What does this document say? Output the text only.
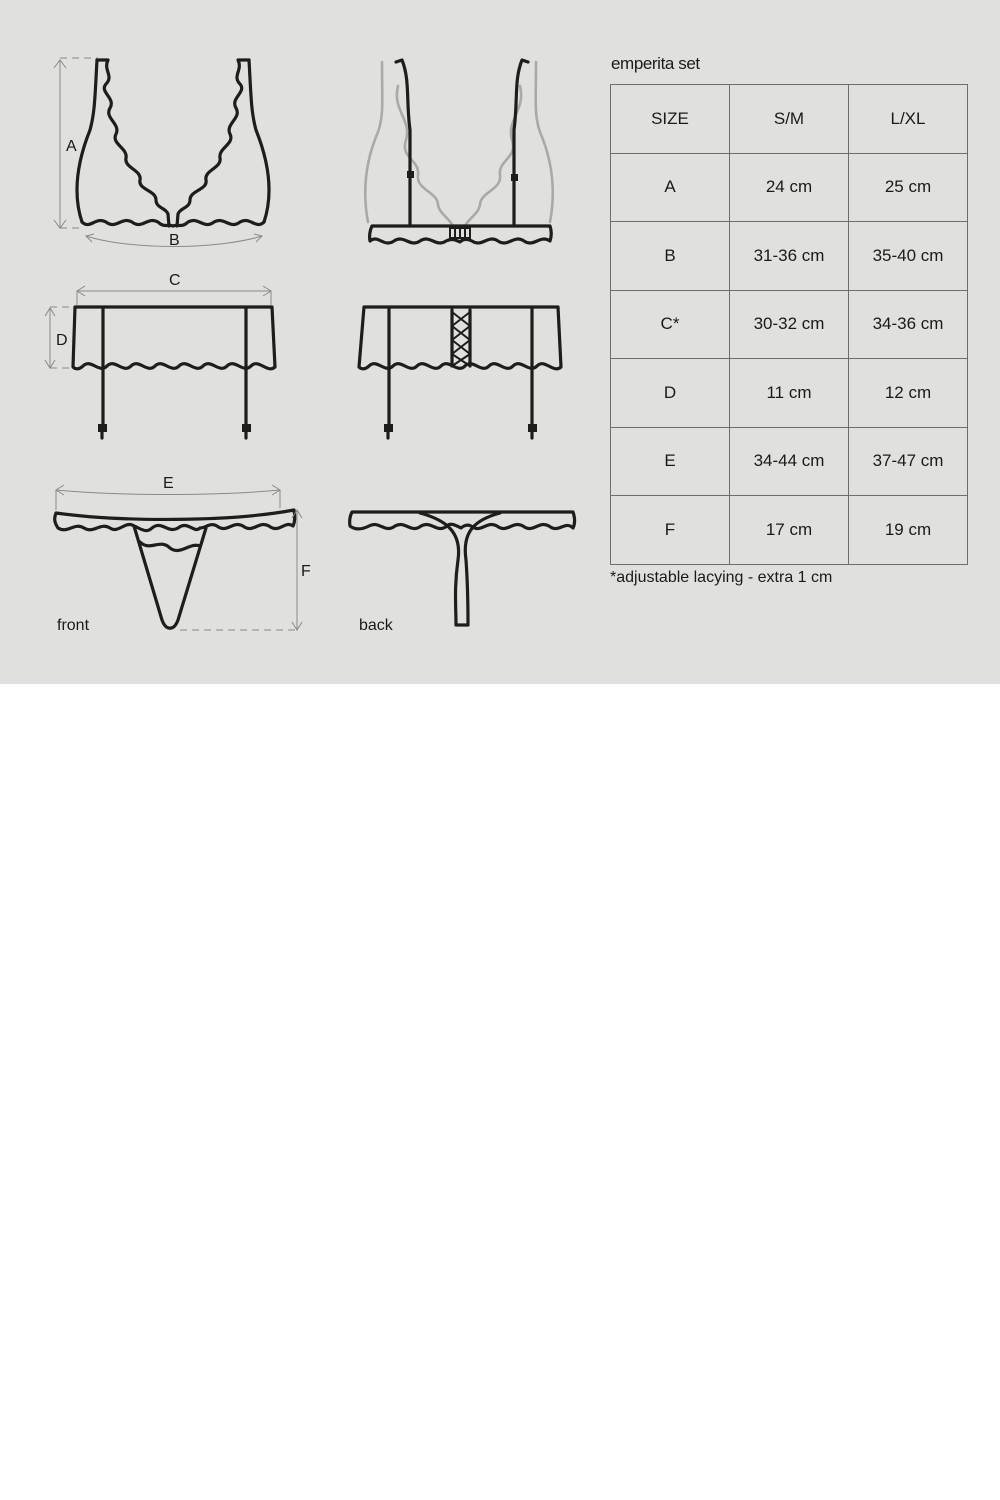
A
B
C
D
E
F
front	back
emperita set
SIZE	S/M	L/XL
A	24 cm	25 cm
B	31-36 cm	35-40 cm
C*	30-32 cm	34-36 cm
D	11 cm	12 cm
E	34-44 cm	37-47 cm
F	17 cm	19 cm
*adjustable lacying - extra 1 cm
